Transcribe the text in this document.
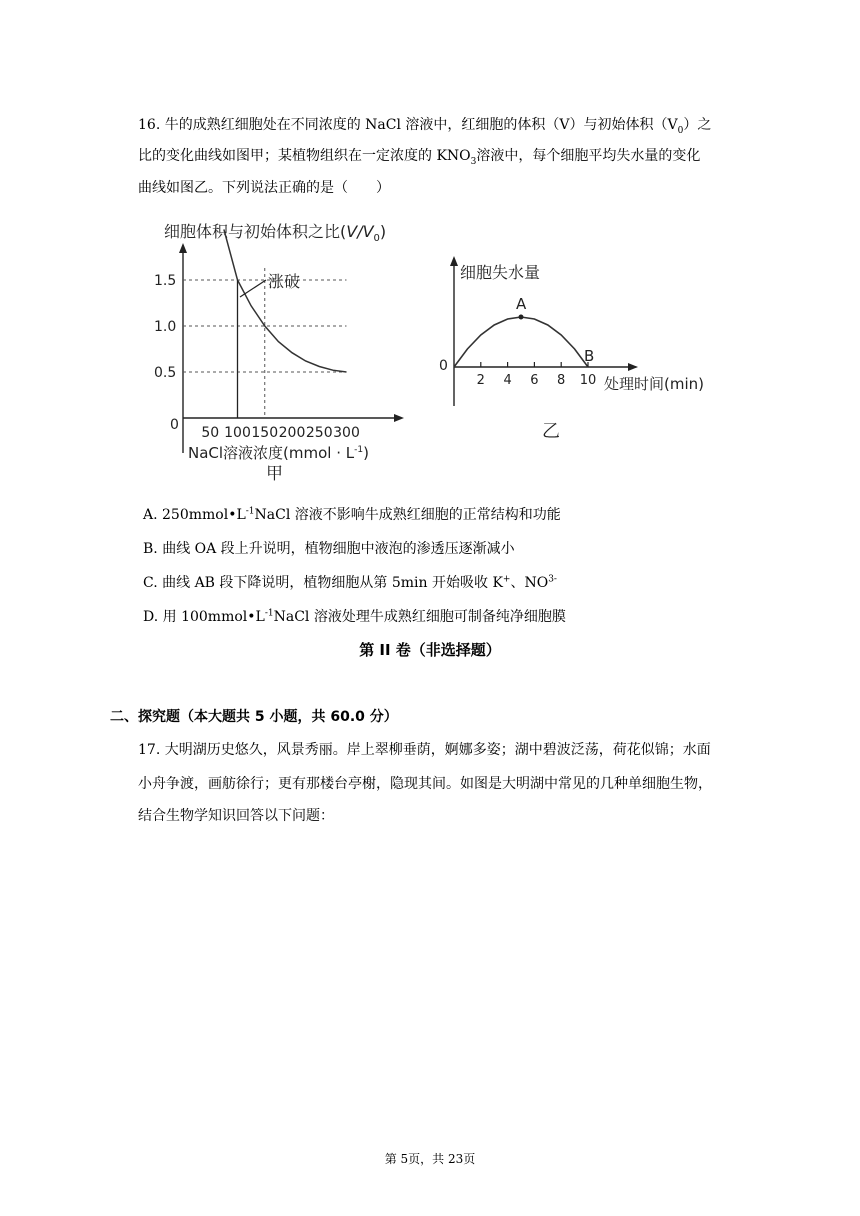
16. 牛的成熟红细胞处在不同浓度的 NaCl 溶液中，红细胞的体积（V）与初始体积$(V_0)$之
比的变化曲线如图甲；某植物组织在一定浓度的 $KNO_3$溶液中，每个细胞平均失水量的变化
曲线如图乙。下列说法正确的是（　　）
细胞体积与初始体积之比$(V/V_0)$
0.5
1.0
1.5
50 100 150 200 250 300
0
涨破
NaCl溶液浓度(mmol · $L^{-1}$)
甲
细胞失水量
0
2 4 6 8 10
A
B
处理时间(min)
乙
A. $250mmol•L^{-1}NaCl$ 溶液不影响牛成熟红细胞的正常结构和功能
B. 曲线 OA 段上升说明，植物细胞中液泡的渗透压逐渐减小
C. 曲线 AB 段下降说明，植物细胞从第 5min 开始吸收 K+、$NO^{3-}$
D. 用 $100mmol•L^{-1}NaCl$ 溶液处理牛成熟红细胞可制备纯净细胞膜
第 II 卷（非选择题）
二、探究题（本大题共 5 小题，共 60.0 分）
17. 大明湖历史悠久，风景秀丽。岸上翠柳垂荫，婀娜多姿；湖中碧波泛荡，荷花似锦；水面
小舟争渡，画舫徐行；更有那楼台亭榭，隐现其间。如图是大明湖中常见的几种单细胞生物，
结合生物学知识回答以下问题：
第 5页，共 23页
